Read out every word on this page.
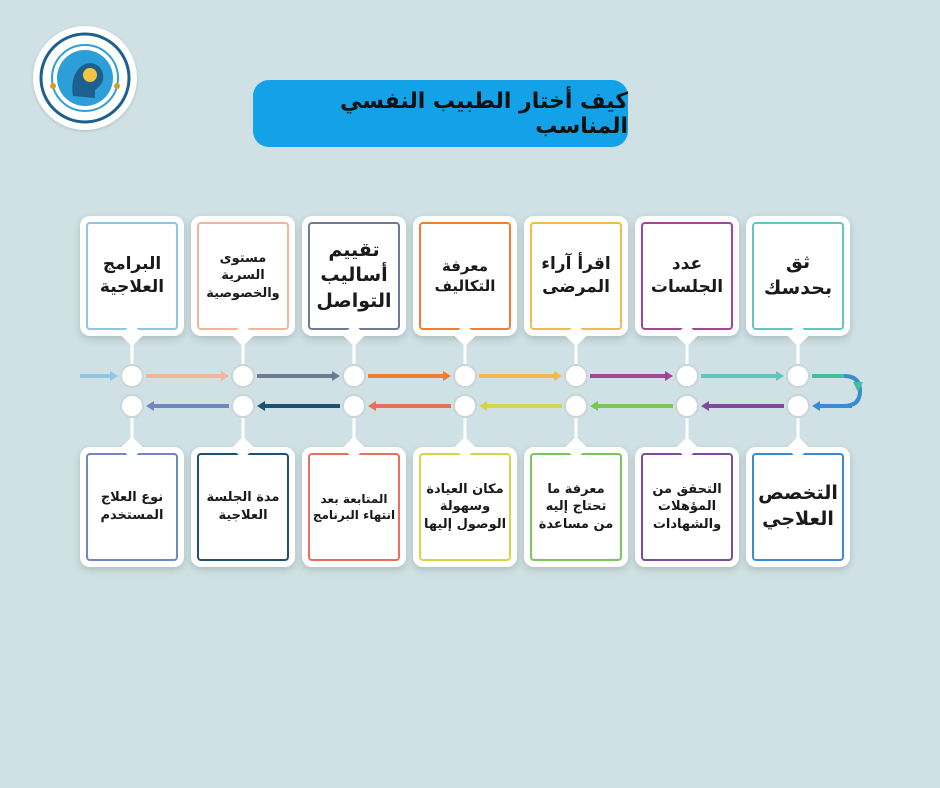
كيف أختار الطبيب النفسي المناسب
البرامج العلاجية
مستوى السرية والخصوصية
تقييم أساليب التواصل
معرفة التكاليف
اقرأ آراء المرضى
عدد الجلسات
ثق بحدسك
نوع العلاج المستخدم
مدة الجلسة العلاجية
المتابعة بعد انتهاء البرنامج
مكان العيادة وسهولة الوصول إليها
معرفة ما تحتاج إليه من مساعدة
التحقق من المؤهلات والشهادات
التخصص العلاجي
